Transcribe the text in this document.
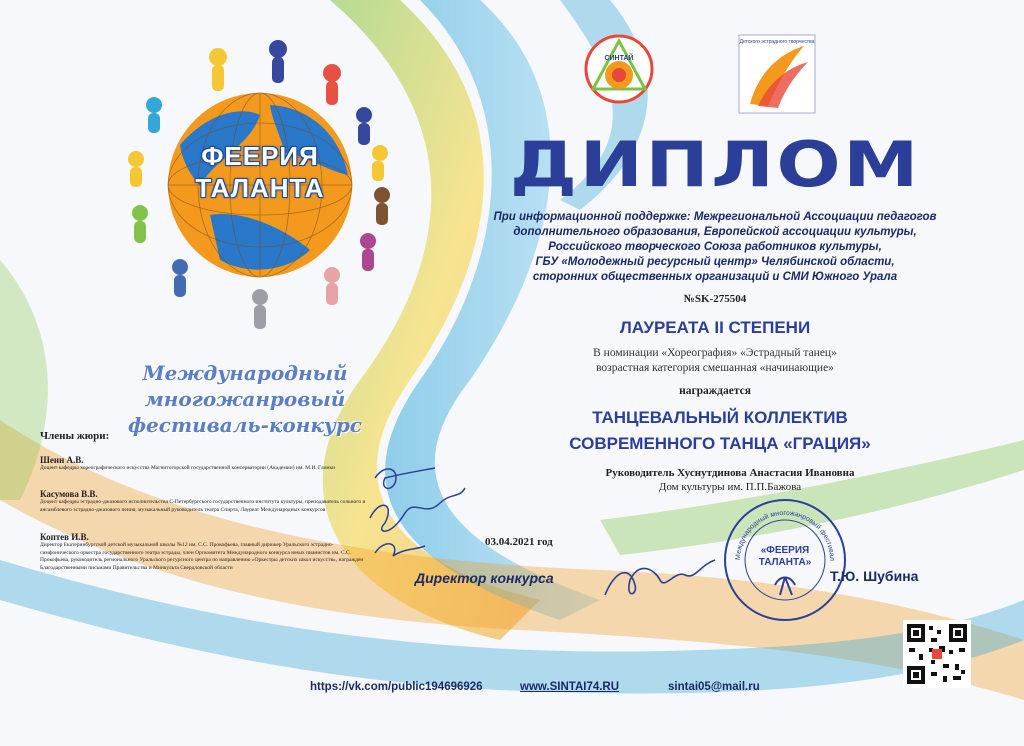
ФЕЕРИЯ
ТАЛАНТА
Международный многожанровый
фестиваль-конкурс
СИНТАЙ
Детского эстрадного творчества
ДИПЛОМ
При информационной поддержке: Межрегиональной Ассоциации педагогов
дополнительного образования, Европейской ассоциации культуры,
Российского творческого Союза работников культуры,
ГБУ «Молодежный ресурсный центр» Челябинской области,
сторонних общественных организаций и СМИ Южного Урала
№SK-275504
ЛАУРЕАТА II СТЕПЕНИ
В номинации «Хореография» «Эстрадный танец»
возрастная категория смешанная «начинающие»
награждается
ТАНЦЕВАЛЬНЫЙ КОЛЛЕКТИВ
СОВРЕМЕННОГО ТАНЦА «ГРАЦИЯ»
Руководитель Хуснутдинова Анастасия Ивановна
Дом культуры им. П.П.Бажова
Члены жюри:
Шеин А.В.
Доцент кафедры хореографического искусства Магнитогорской государственной консерватории (Академии) им. М.И. Глинки
Касумова В.В.
Доцент кафедры эстрадно-джазового исполнительства С-Петербургского государственного института культуры, преподаватель сольного и ансамблевого эстрадно-джазового пения, музыкальный руководитель театра Спирта, Лауреат Международных конкурсов
Коптев И.В.
Директор Екатеринбургской детской музыкальной школы №12 им. С.С. Прокофьева, главный дирижер Уральского эстрадно-симфонического оркестра государственного театра эстрады, член Оргкомитета Международного конкурса юных пианистов им. С.С. Прокофьева, руководитель регионального Уральского ресурсного центра по направлению «Оркестры детских школ искусств», награжден Благодарственными письмами Правительства и Минкульта Свердловской области
03.04.2021 год
Директор конкурса
Международный многожанровый фестивал
«ФЕЕРИЯ
ТАЛАНТА»
Т.Ю. Шубина
https://vk.com/public194696926	www.SINTAI74.RU	sintai05@mail.ru
